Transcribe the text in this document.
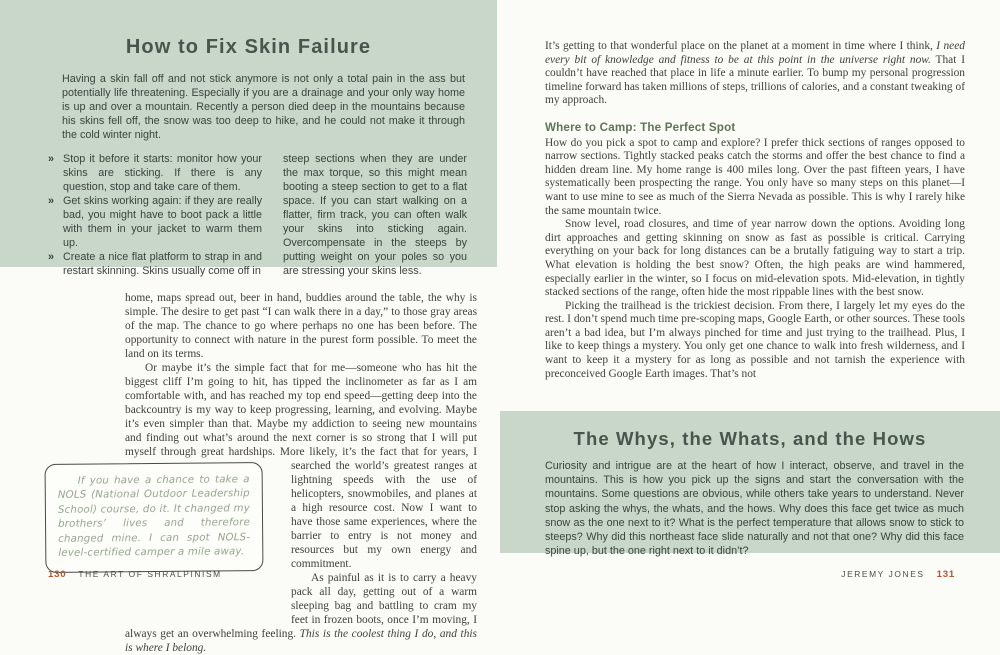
How to Fix Skin Failure

Having a skin fall off and not stick anymore is not only a total pain in the ass but potentially life threatening. Especially if you are a drainage and your only way home is up and over a mountain. Recently a person died deep in the mountains because his skins fell off, the snow was too deep to hike, and he could not make it through the cold winter night.

» Stop it before it starts: monitor how your skins are sticking. If there is any question, stop and take care of them.
» Get skins working again: if they are really bad, you might have to boot pack a little with them in your jacket to warm them up.
» Create a nice flat platform to strap in and restart skinning. Skins usually come off in
steep sections when they are under the max torque, so this might mean booting a steep section to get to a flat space. If you can start walking on a flatter, firm track, you can often walk your skins into sticking again. Overcompensate in the steeps by putting weight on your poles so you are stressing your skins less.

home, maps spread out, beer in hand, buddies around the table, the why is simple. The desire to get past “I can walk there in a day,” to those gray areas of the map. The chance to go where perhaps no one has been before. The opportunity to connect with nature in the purest form possible. To meet the land on its terms.

Or maybe it’s the simple fact that for me—someone who has hit the biggest cliff I’m going to hit, has tipped the inclinometer as far as I am comfortable with, and has reached my top end speed—getting deep into the backcountry is my way to keep progressing, learning, and evolving. Maybe it’s even simpler than that. Maybe my addiction to seeing new mountains and finding out what’s around the next corner is so strong that I will put myself through great hardships. More likely, it’s
If you have a chance to take a NOLS (National Outdoor Leadership School) course, do it. It changed my brothers’ lives and therefore changed mine. I can spot NOLS-level-certified camper a mile away.
the fact that for years, I searched the world’s greatest ranges at lightning speeds with the use of helicopters, snowmobiles, and planes at a high resource cost. Now I want to have those same experiences, where the barrier to entry is not money and resources but my own energy and commitment.

As painful as it is to carry a heavy pack all day, getting out of a warm sleeping bag and battling to cram my feet in frozen boots, once I’m moving, I always get an overwhelming feeling. This is the coolest thing I do, and this is where I belong.

130 THE ART OF SHRALPINISM

It’s getting to that wonderful place on the planet at a moment in time where I think, I need every bit of knowledge and fitness to be at this point in the universe right now. That I couldn’t have reached that place in life a minute earlier. To bump my personal progression timeline forward has taken millions of steps, trillions of calories, and a constant tweaking of my approach.

Where to Camp: The Perfect Spot

How do you pick a spot to camp and explore? I prefer thick sections of ranges opposed to narrow sections. Tightly stacked peaks catch the storms and offer the best chance to find a hidden dream line. My home range is 400 miles long. Over the past fifteen years, I have systematically been prospecting the range. You only have so many steps on this planet—I want to use mine to see as much of the Sierra Nevada as possible. This is why I rarely hike the same mountain twice.

Snow level, road closures, and time of year narrow down the options. Avoiding long dirt approaches and getting skinning on snow as fast as possible is critical. Carrying everything on your back for long distances can be a brutally fatiguing way to start a trip. What elevation is holding the best snow? Often, the high peaks are wind hammered, especially earlier in the winter, so I focus on mid-elevation spots. Mid-elevation, in tightly stacked sections of the range, often hide the most rippable lines with the best snow.

Picking the trailhead is the trickiest decision. From there, I largely let my eyes do the rest. I don’t spend much time pre-scoping maps, Google Earth, or other sources. These tools aren’t a bad idea, but I’m always pinched for time and just trying to the trailhead. Plus, I like to keep things a mystery. You only get one chance to walk into fresh wilderness, and I want to keep it a mystery for as long as possible and not tarnish the experience with preconceived Google Earth images. That’s not

The Whys, the Whats, and the Hows

Curiosity and intrigue are at the heart of how I interact, observe, and travel in the mountains. This is how you pick up the signs and start the conversation with the mountains. Some questions are obvious, while others take years to understand. Never stop asking the whys, the whats, and the hows. Why does this face get twice as much snow as the one next to it? What is the perfect temperature that allows snow to stick to steeps? Why did this northeast face slide naturally and not that one? Why did this face spine up, but the one right next to it didn’t?

JEREMY JONES 131
